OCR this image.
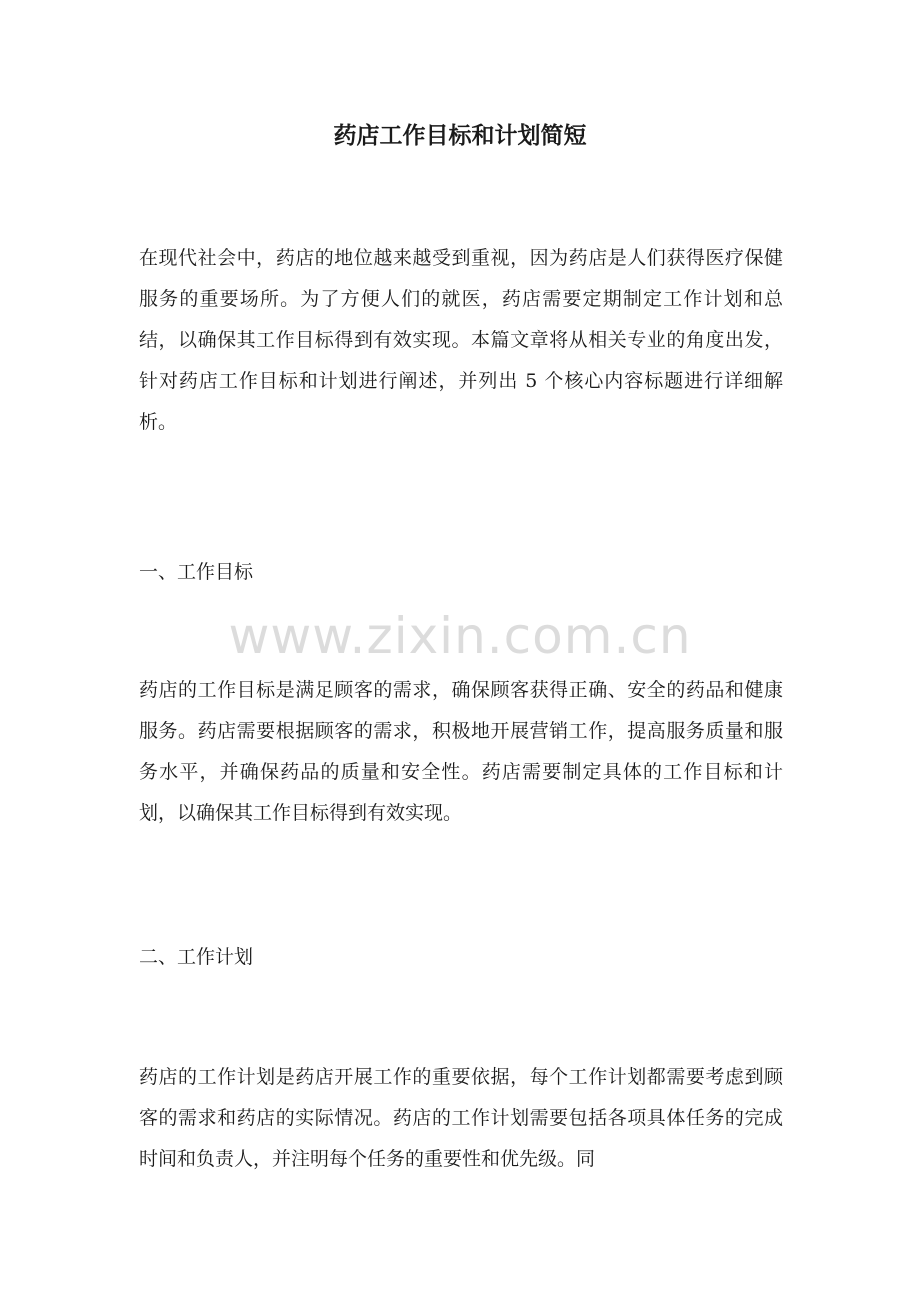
药店工作目标和计划简短

在现代社会中，药店的地位越来越受到重视，因为药店是人们获得医疗保健服务的重要场所。为了方便人们的就医，药店需要定期制定工作计划和总结，以确保其工作目标得到有效实现。本篇文章将从相关专业的角度出发，针对药店工作目标和计划进行阐述，并列出 5 个核心内容标题进行详细解析。

一、工作目标
www.zixin.com.cn

药店的工作目标是满足顾客的需求，确保顾客获得正确、安全的药品和健康服务。药店需要根据顾客的需求，积极地开展营销工作，提高服务质量和服务水平，并确保药品的质量和安全性。药店需要制定具体的工作目标和计划，以确保其工作目标得到有效实现。

二、工作计划

药店的工作计划是药店开展工作的重要依据，每个工作计划都需要考虑到顾客的需求和药店的实际情况。药店的工作计划需要包括各项具体任务的完成时间和负责人，并注明每个任务的重要性和优先级。同
